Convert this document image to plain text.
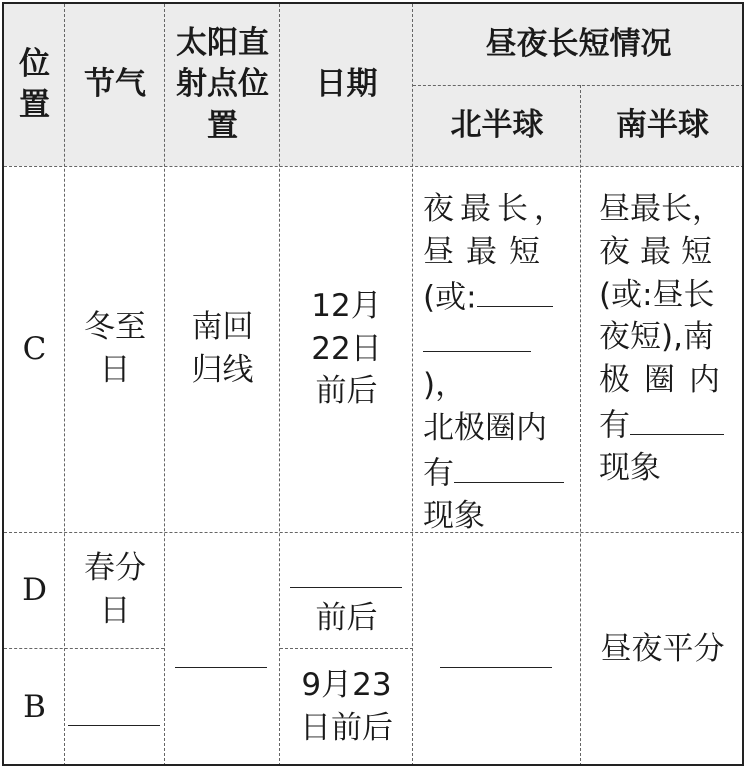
位置
节气
太阳直射点位置
日期
昼夜长短情况
北半球 南半球
C
冬至日
南回归线
12月22日前后
夜最长，
昼最短
(或:
)，
北极圈内
有
现象
昼最长，
夜最短
(或:昼长
夜短),南
极圈内
有
现象
D
春分日	前后
B
9月23日前后
昼夜平分
